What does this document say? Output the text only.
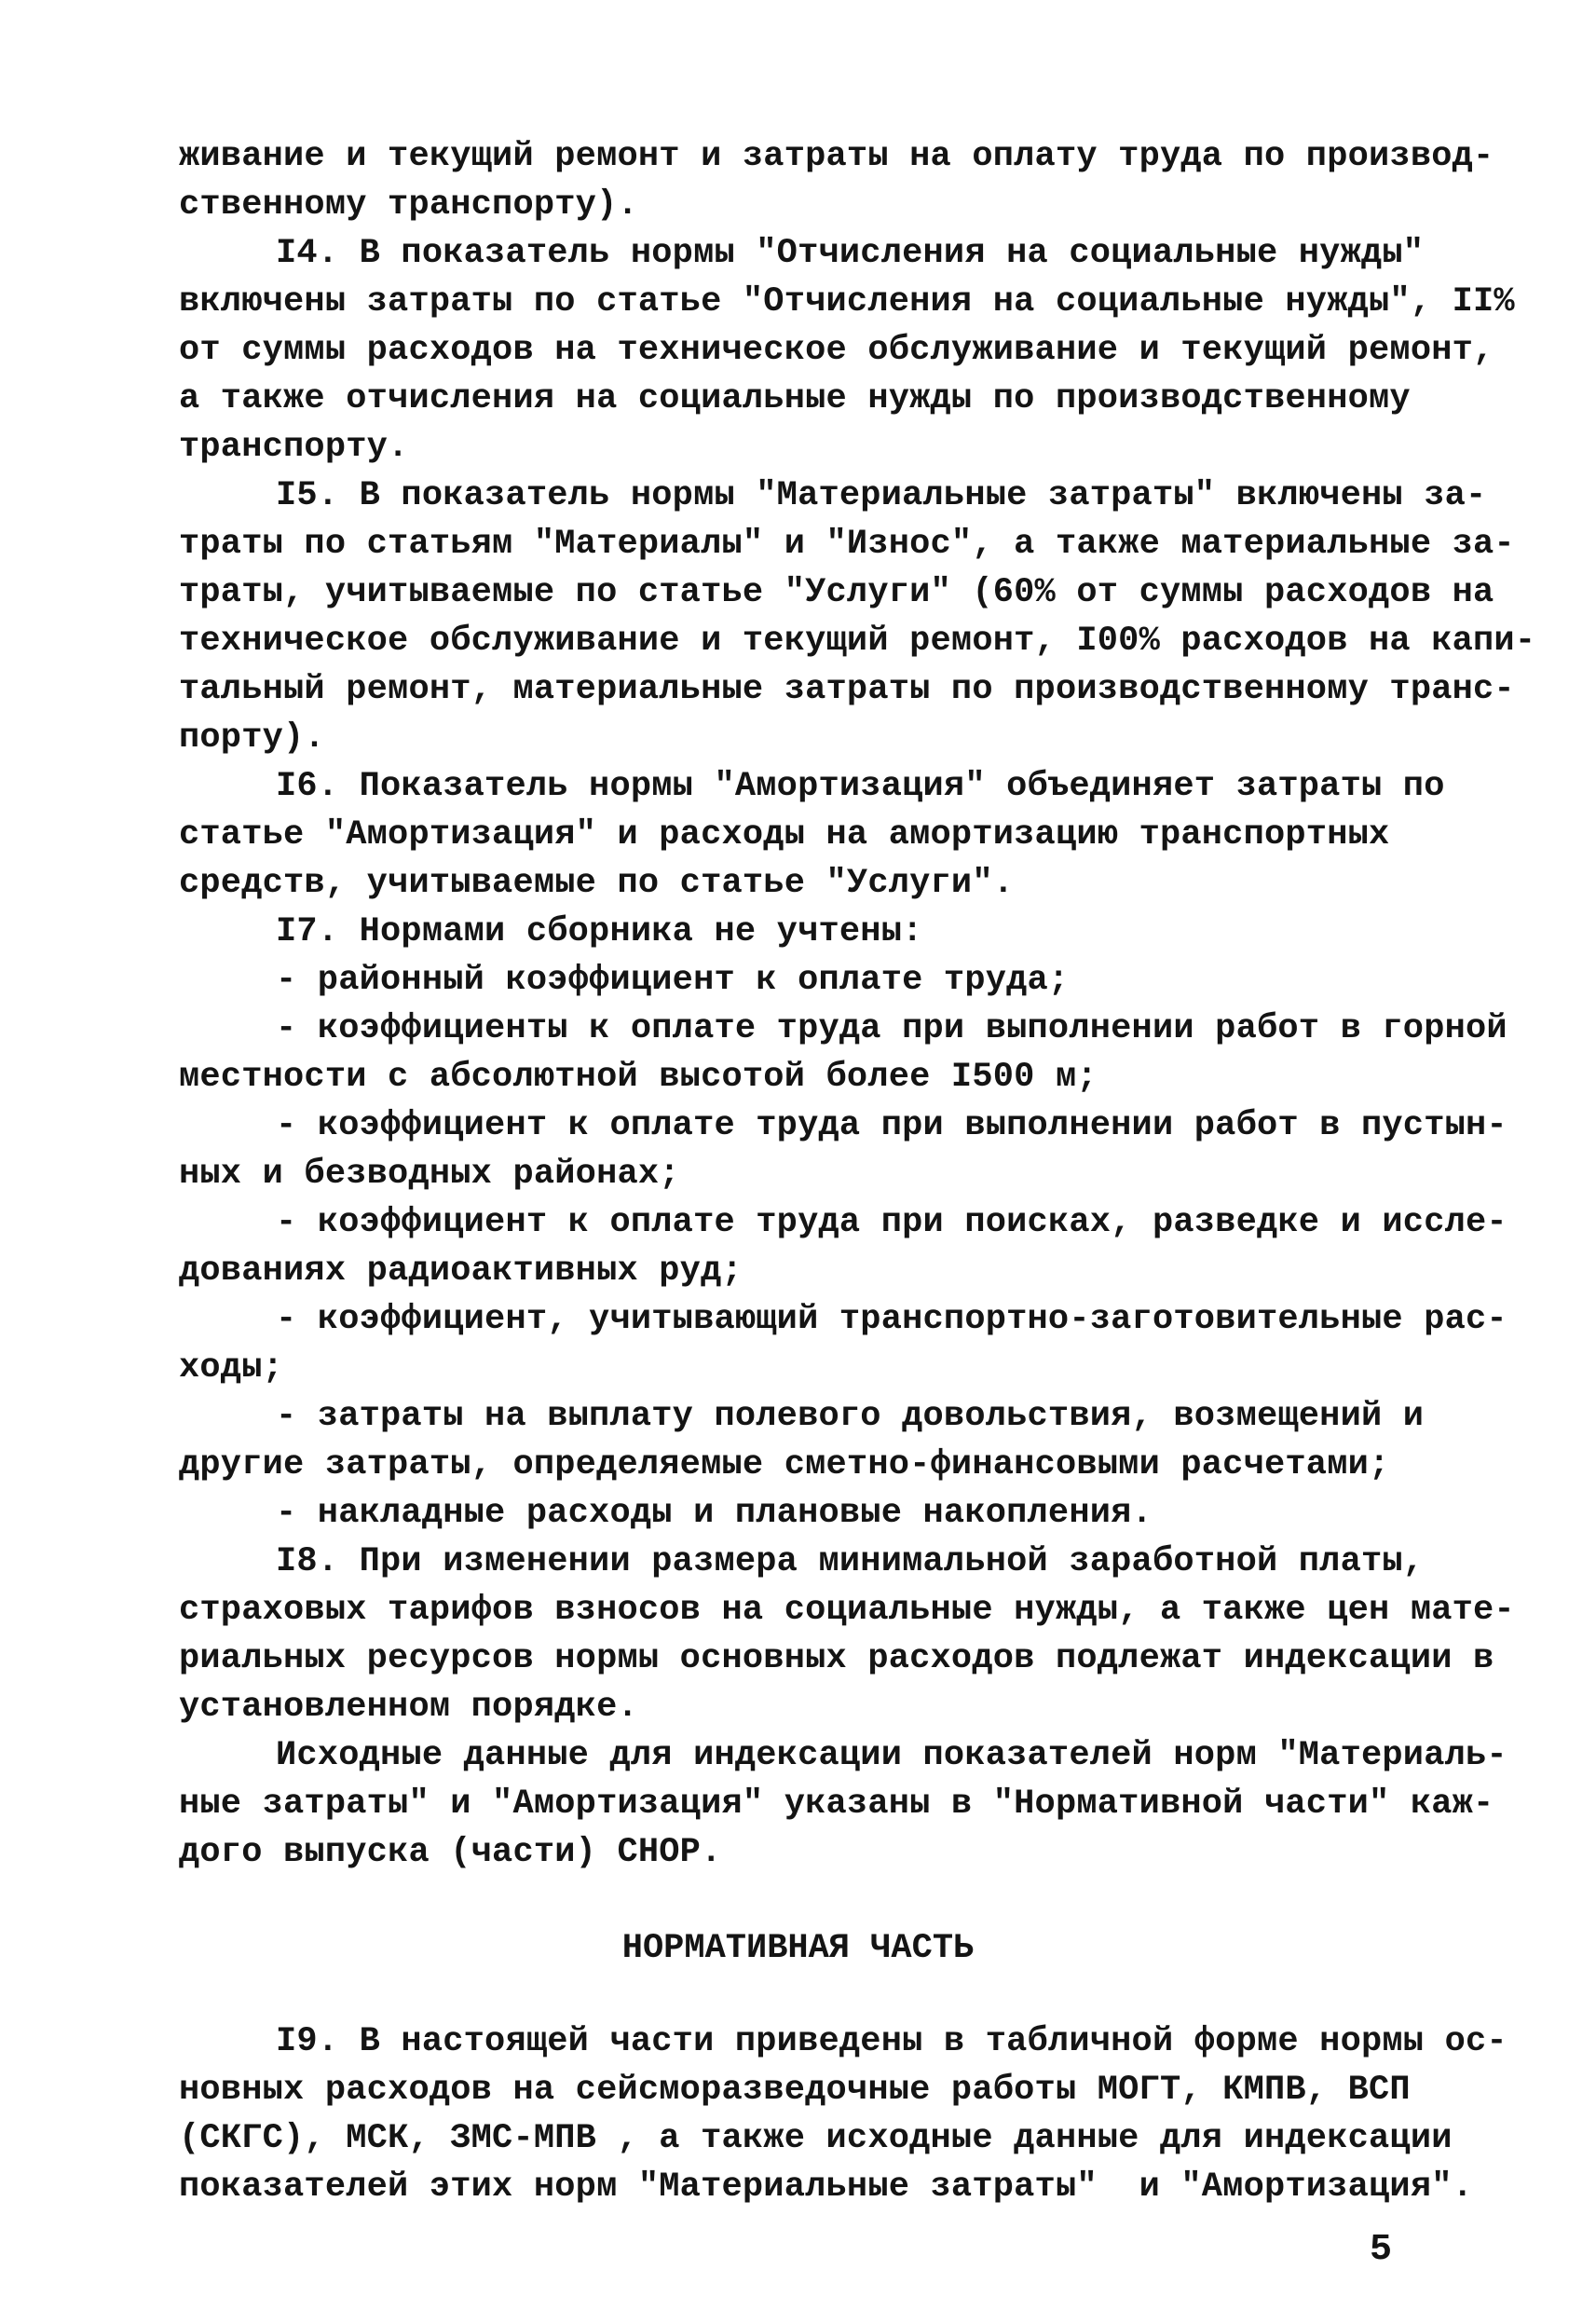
живание и текущий ремонт и затраты на оплату труда по производ-
ственному транспорту).
I4. В показатель нормы "Отчисления на социальные нужды"
включены затраты по статье "Отчисления на социальные нужды", II%
от суммы расходов на техническое обслуживание и текущий ремонт,
а также отчисления на социальные нужды по производственному
транспорту.
I5. В показатель нормы "Материальные затраты" включены за-
траты по статьям "Материалы" и "Износ", а также материальные за-
траты, учитываемые по статье "Услуги" (60% от суммы расходов на
техническое обслуживание и текущий ремонт, I00% расходов на капи-
тальный ремонт, материальные затраты по производственному транс-
порту).
I6. Показатель нормы "Амортизация" объединяет затраты по
статье "Амортизация" и расходы на амортизацию транспортных
средств, учитываемые по статье "Услуги".
I7. Нормами сборника не учтены:
- районный коэффициент к оплате труда;
- коэффициенты к оплате труда при выполнении работ в горной
местности с абсолютной высотой более I500 м;
- коэффициент к оплате труда при выполнении работ в пустын-
ных и безводных районах;
- коэффициент к оплате труда при поисках, разведке и иссле-
дованиях радиоактивных руд;
- коэффициент, учитывающий транспортно-заготовительные рас-
ходы;
- затраты на выплату полевого довольствия, возмещений и
другие затраты, определяемые сметно-финансовыми расчетами;
- накладные расходы и плановые накопления.
I8. При изменении размера минимальной заработной платы,
страховых тарифов взносов на социальные нужды, а также цен мате-
риальных ресурсов нормы основных расходов подлежат индексации в
установленном порядке.
Исходные данные для индексации показателей норм "Материаль-
ные затраты" и "Амортизация" указаны в "Нормативной части" каж-
дого выпуска (части) СНОР.
НОРМАТИВНАЯ ЧАСТЬ
I9. В настоящей части приведены в табличной форме нормы ос-
новных расходов на сейсморазведочные работы МОГТ, КМПВ, ВСП
(СКГС), МСК, ЗМС-МПВ , а также исходные данные для индексации
показателей этих норм "Материальные затраты"  и "Амортизация".
5
